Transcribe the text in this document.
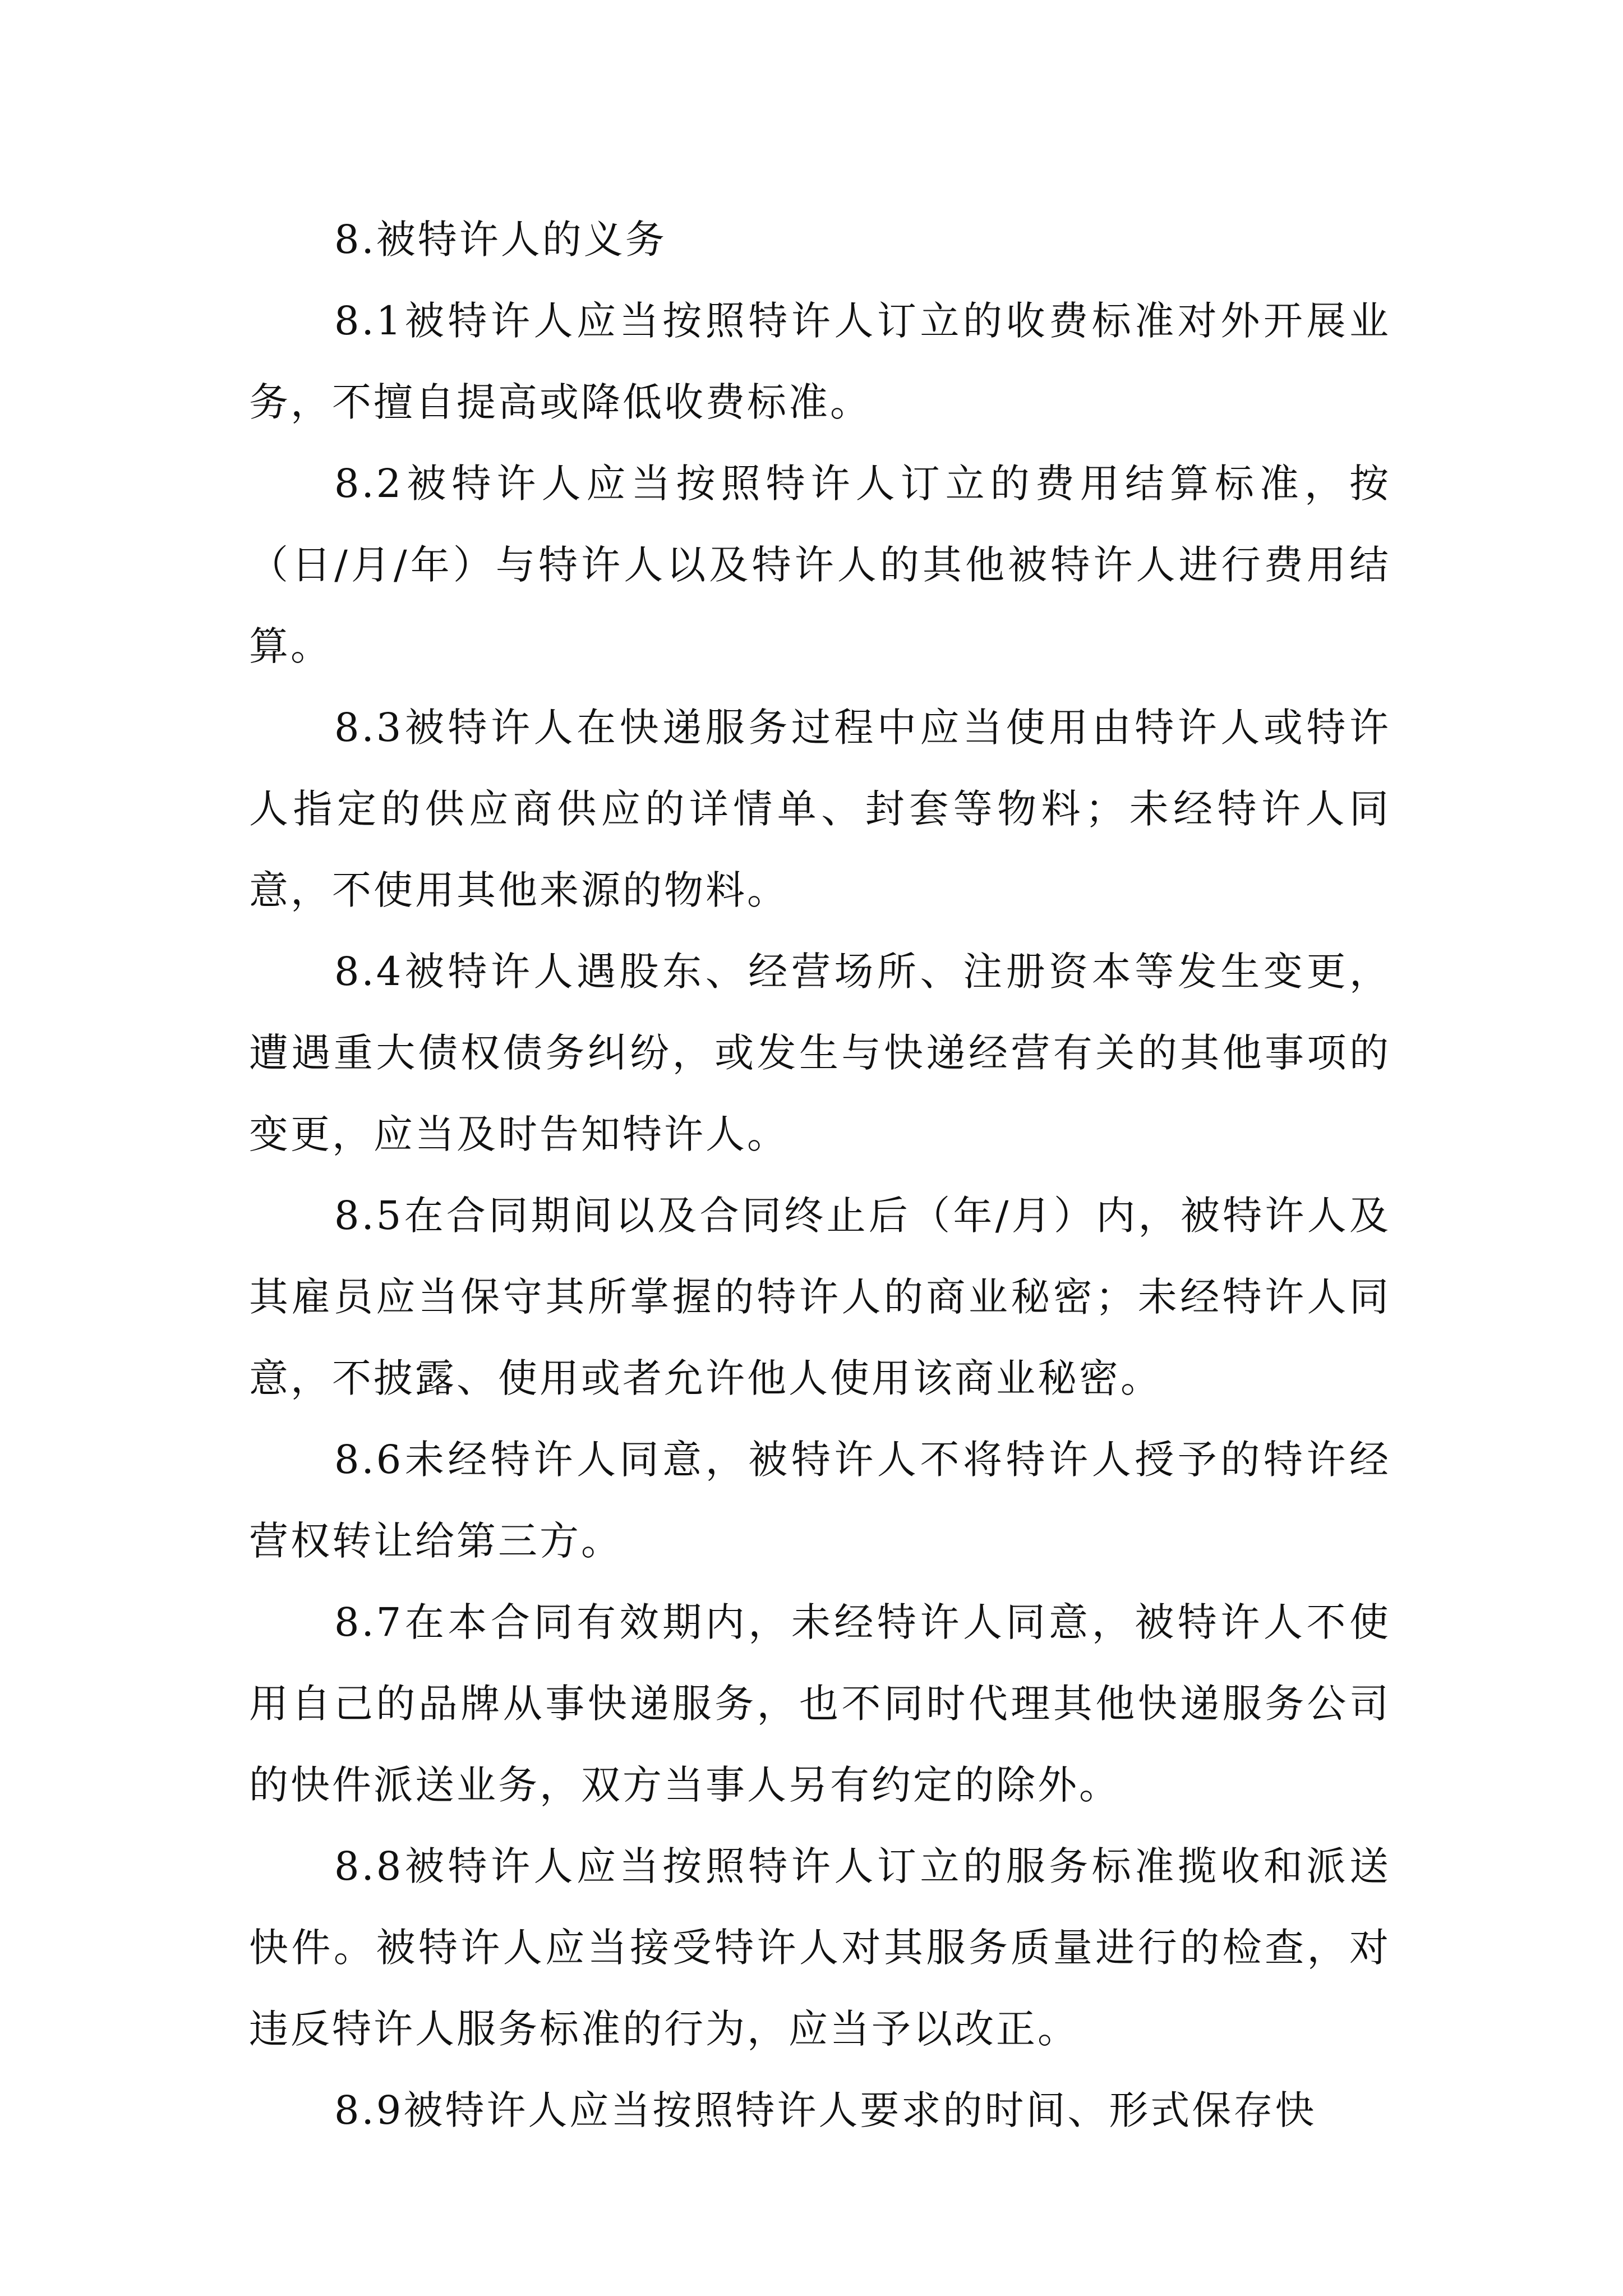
8.被特许人的义务

8.1被特许人应当按照特许人订立的收费标准对外开展业务，不擅自提高或降低收费标准。

8.2被特许人应当按照特许人订立的费用结算标准，按（日/月/年）与特许人以及特许人的其他被特许人进行费用结算。

8.3被特许人在快递服务过程中应当使用由特许人或特许人指定的供应商供应的详情单、封套等物料；未经特许人同意，不使用其他来源的物料。

8.4被特许人遇股东、经营场所、注册资本等发生变更，遭遇重大债权债务纠纷，或发生与快递经营有关的其他事项的变更，应当及时告知特许人。

8.5在合同期间以及合同终止后（年/月）内，被特许人及其雇员应当保守其所掌握的特许人的商业秘密；未经特许人同意，不披露、使用或者允许他人使用该商业秘密。

8.6未经特许人同意，被特许人不将特许人授予的特许经营权转让给第三方。

8.7在本合同有效期内，未经特许人同意，被特许人不使用自己的品牌从事快递服务，也不同时代理其他快递服务公司的快件派送业务，双方当事人另有约定的除外。

8.8被特许人应当按照特许人订立的服务标准揽收和派送快件。被特许人应当接受特许人对其服务质量进行的检查，对违反特许人服务标准的行为，应当予以改正。

8.9被特许人应当按照特许人要求的时间、形式保存快
